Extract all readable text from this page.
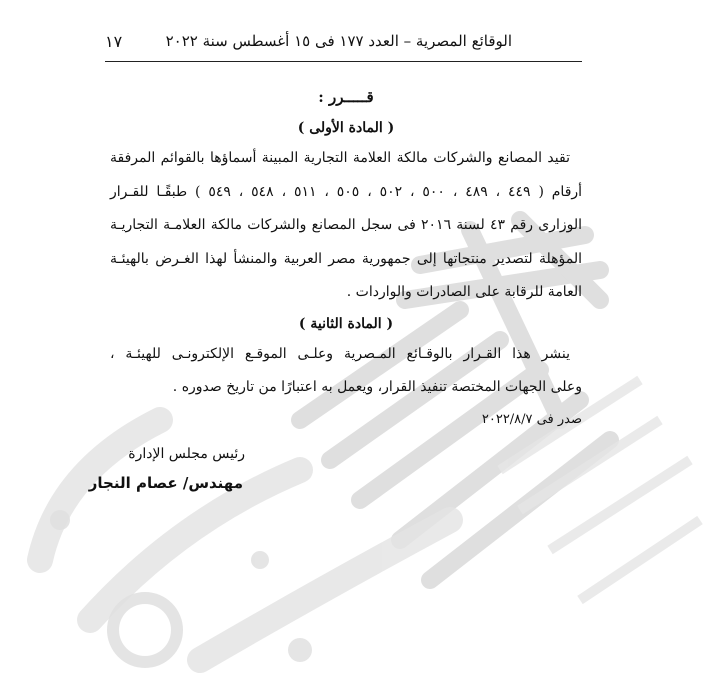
الوقائع المصرية – العدد ١٧٧ فى ١٥ أغسطس سنة ٢٠٢٢
١٧
قـــــرر :
( المادة الأولى )
تقيد المصانع والشركات مالكة العلامة التجارية المبينة أسماؤها بالقوائم المرفقة
أرقام ( ٤٤٩ ، ٤٨٩ ، ٥٠٠ ، ٥٠٢ ، ٥٠٥ ، ٥١١ ، ٥٤٨ ، ٥٤٩ ) طبقًـا للقـرار
الوزارى رقم ٤٣ لسنة ٢٠١٦ فى سجل المصانع والشركات مالكة العلامـة التجاريـة
المؤهلة لتصدير منتجاتها إلى جمهورية مصر العربية والمنشأ لهذا الغـرض بالهيئـة
العامة للرقابة على الصادرات والواردات .
( المادة الثانية )
ينشر هذا القـرار بالوقـائع المـصرية وعلـى الموقـع الإلكترونـى للهيئـة ،
وعلى الجهات المختصة تنفيذ القرار، ويعمل به اعتبارًا من تاريخ صدوره .
صدر فى ٢٠٢٢/٨/٧
رئيس مجلس الإدارة
مهندس/ عصام النجار
